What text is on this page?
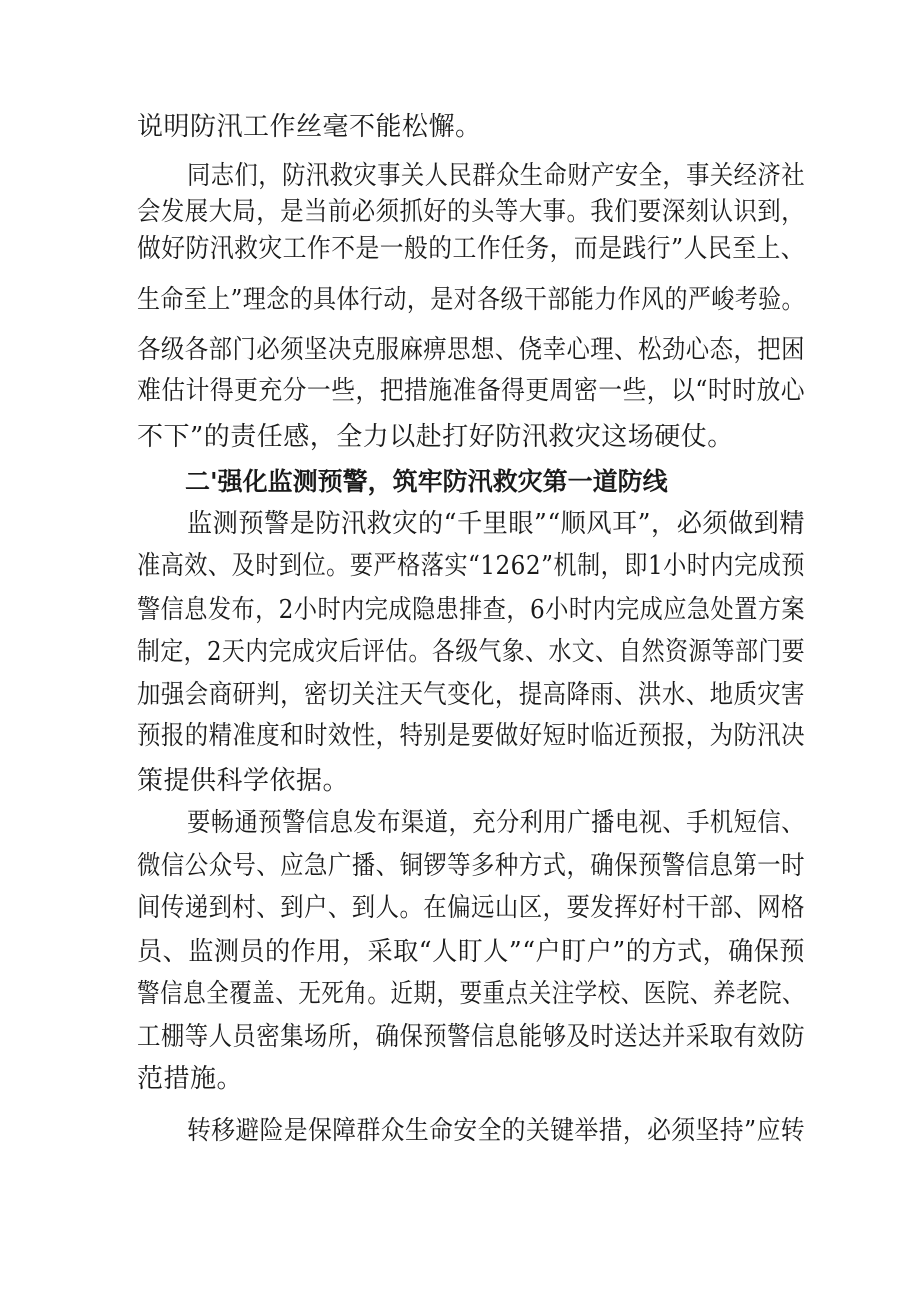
说明防汛工作丝毫不能松懈。
同志们，防汛救灾事关人民群众生命财产安全，事关经济社
会发展大局，是当前必须抓好的头等大事。我们要深刻认识到，
做好防汛救灾工作不是一般的工作任务，而是践行”人民至上、
生命至上”理念的具体行动，是对各级干部能力作风的严峻考验。
各级各部门必须坚决克服麻痹思想、侥幸心理、松劲心态，把困
难估计得更充分一些，把措施准备得更周密一些，以“时时放心
不下”的责任感，全力以赴打好防汛救灾这场硬仗。
二'强化监测预警，筑牢防汛救灾第一道防线
监测预警是防汛救灾的“千里眼”“顺风耳”，必须做到精
准高效、及时到位。要严格落实“1262”机制，即1小时内完成预
警信息发布，2小时内完成隐患排查，6小时内完成应急处置方案
制定，2天内完成灾后评估。各级气象、水文、自然资源等部门要
加强会商研判，密切关注天气变化，提高降雨、洪水、地质灾害
预报的精准度和时效性，特别是要做好短时临近预报，为防汛决
策提供科学依据。
要畅通预警信息发布渠道，充分利用广播电视、手机短信、
微信公众号、应急广播、铜锣等多种方式，确保预警信息第一时
间传递到村、到户、到人。在偏远山区，要发挥好村干部、网格
员、监测员的作用，采取“人盯人”“户盯户”的方式，确保预
警信息全覆盖、无死角。近期，要重点关注学校、医院、养老院、
工棚等人员密集场所，确保预警信息能够及时送达并采取有效防
范措施。
转移避险是保障群众生命安全的关键举措，必须坚持”应转
